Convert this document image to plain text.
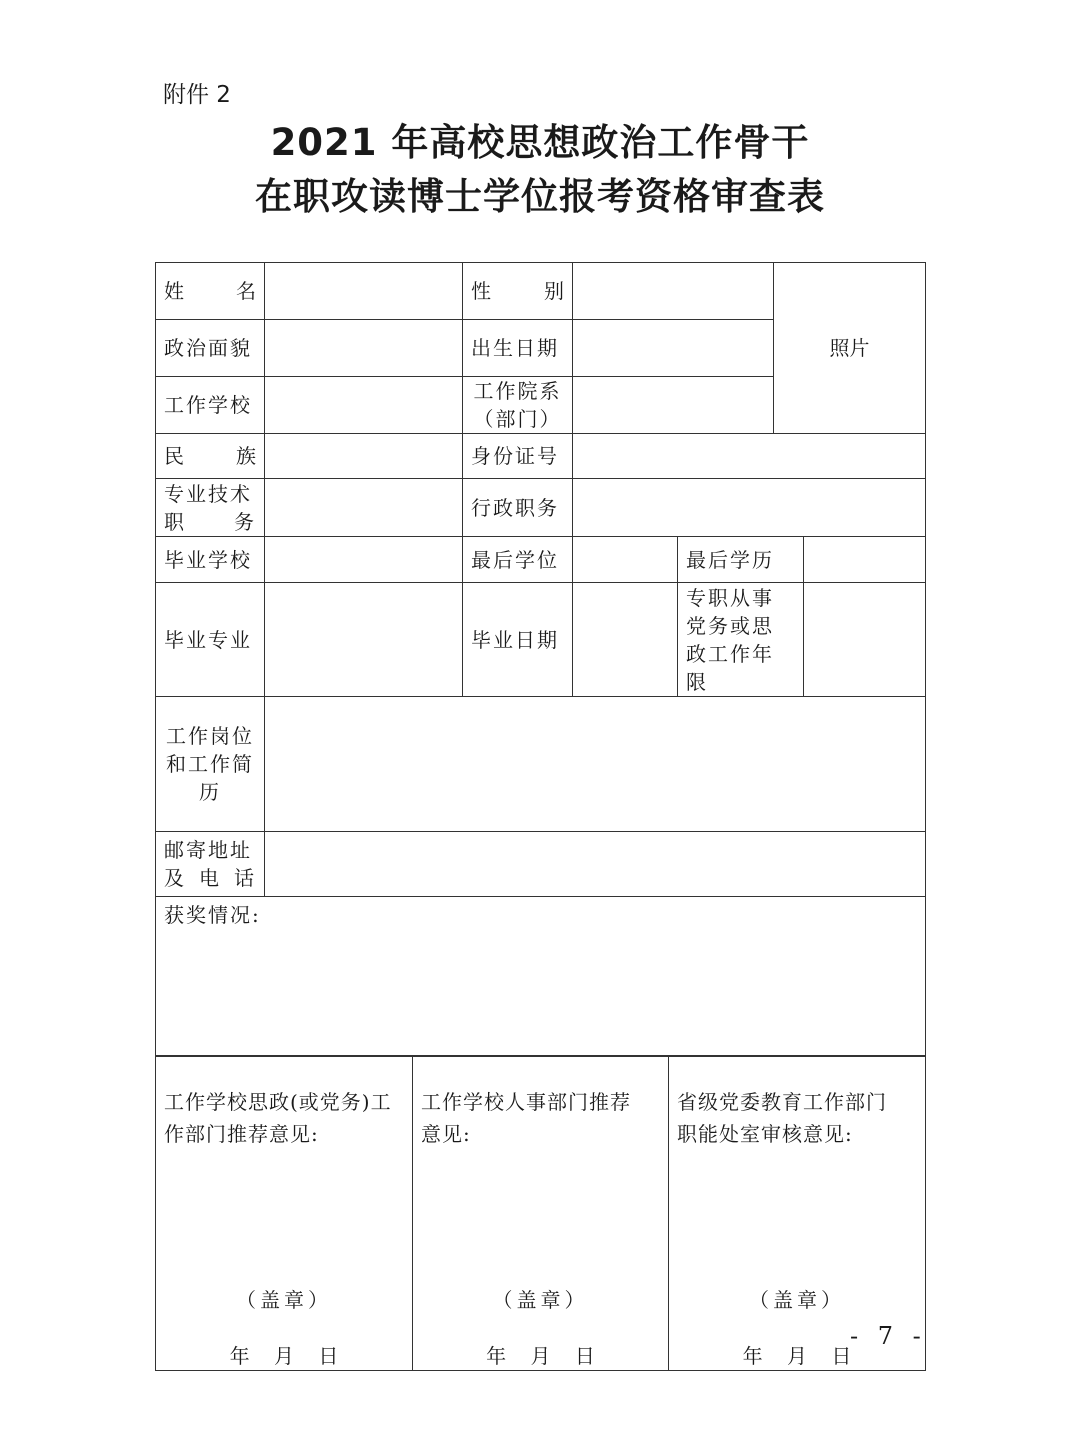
附件 2
2021 年高校思想政治工作骨干
在职攻读博士学位报考资格审查表
姓 名		性 别			照片	
政治面貌		出生日期				
工作学校		工作院系
（部门）				

民 族		身份证号				

专业技术
职 务		行政职务				
毕业学校		最后学位		最后学历		
毕业专业		毕业日期		专职从事
党务或思
政工作年
限		

工作岗位
和工作简
历						

邮寄地址
及 电 话						

获奖情况:						
工作学校思政(或党务)工
作部门推荐意见:
（盖章）
年 月 日

工作学校人事部门推荐
意见:
（盖章）
年 月 日

省级党委教育工作部门
职能处室审核意见:
（盖章）
年 月 日
- 7 -
